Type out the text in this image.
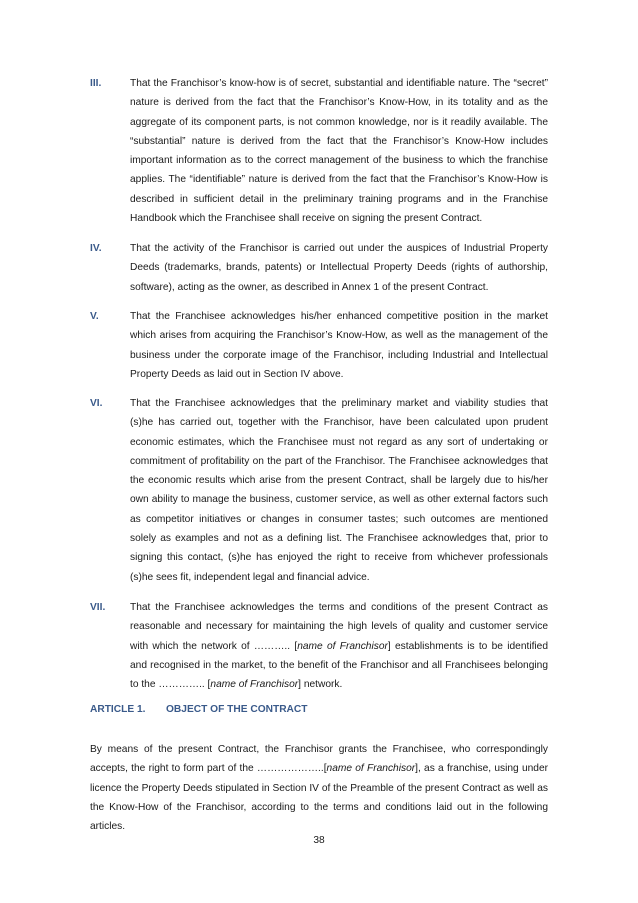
III.	That the Franchisor’s know-how is of secret, substantial and identifiable nature. The “secret” nature is derived from the fact that the Franchisor’s Know-How, in its totality and as the aggregate of its component parts, is not common knowledge, nor is it readily available. The “substantial” nature is derived from the fact that the Franchisor’s Know-How includes important information as to the correct management of the business to which the franchise applies. The “identifiable” nature is derived from the fact that the Franchisor’s Know-How is described in sufficient detail in the preliminary training programs and in the Franchise Handbook which the Franchisee shall receive on signing the present Contract.
IV.	That the activity of the Franchisor is carried out under the auspices of Industrial Property Deeds (trademarks, brands, patents) or Intellectual Property Deeds (rights of authorship, software), acting as the owner, as described in Annex 1 of the present Contract.
V.	That the Franchisee acknowledges his/her enhanced competitive position in the market which arises from acquiring the Franchisor’s Know-How, as well as the management of the business under the corporate image of the Franchisor, including Industrial and Intellectual Property Deeds as laid out in Section IV above.
VI.	That the Franchisee acknowledges that the preliminary market and viability studies that (s)he has carried out, together with the Franchisor, have been calculated upon prudent economic estimates, which the Franchisee must not regard as any sort of undertaking or commitment of profitability on the part of the Franchisor. The Franchisee acknowledges that the economic results which arise from the present Contract, shall be largely due to his/her own ability to manage the business, customer service, as well as other external factors such as competitor initiatives or changes in consumer tastes; such outcomes are mentioned solely as examples and not as a defining list. The Franchisee acknowledges that, prior to signing this contact, (s)he has enjoyed the right to receive from whichever professionals (s)he sees fit, independent legal and financial advice.
VII.	That the Franchisee acknowledges the terms and conditions of the present Contract as reasonable and necessary for maintaining the high levels of quality and customer service with which the network of ……….. [name of Franchisor] establishments is to be identified and recognised in the market, to the benefit of the Franchisor and all Franchisees belonging to the ………….. [name of Franchisor] network.
ARTICLE 1. OBJECT OF THE CONTRACT
By means of the present Contract, the Franchisor grants the Franchisee, who correspondingly accepts, the right to form part of the ………………..[name of Franchisor], as a franchise, using under licence the Property Deeds stipulated in Section IV of the Preamble of the present Contract as well as the Know-How of the Franchisor, according to the terms and conditions laid out in the following articles.
38
